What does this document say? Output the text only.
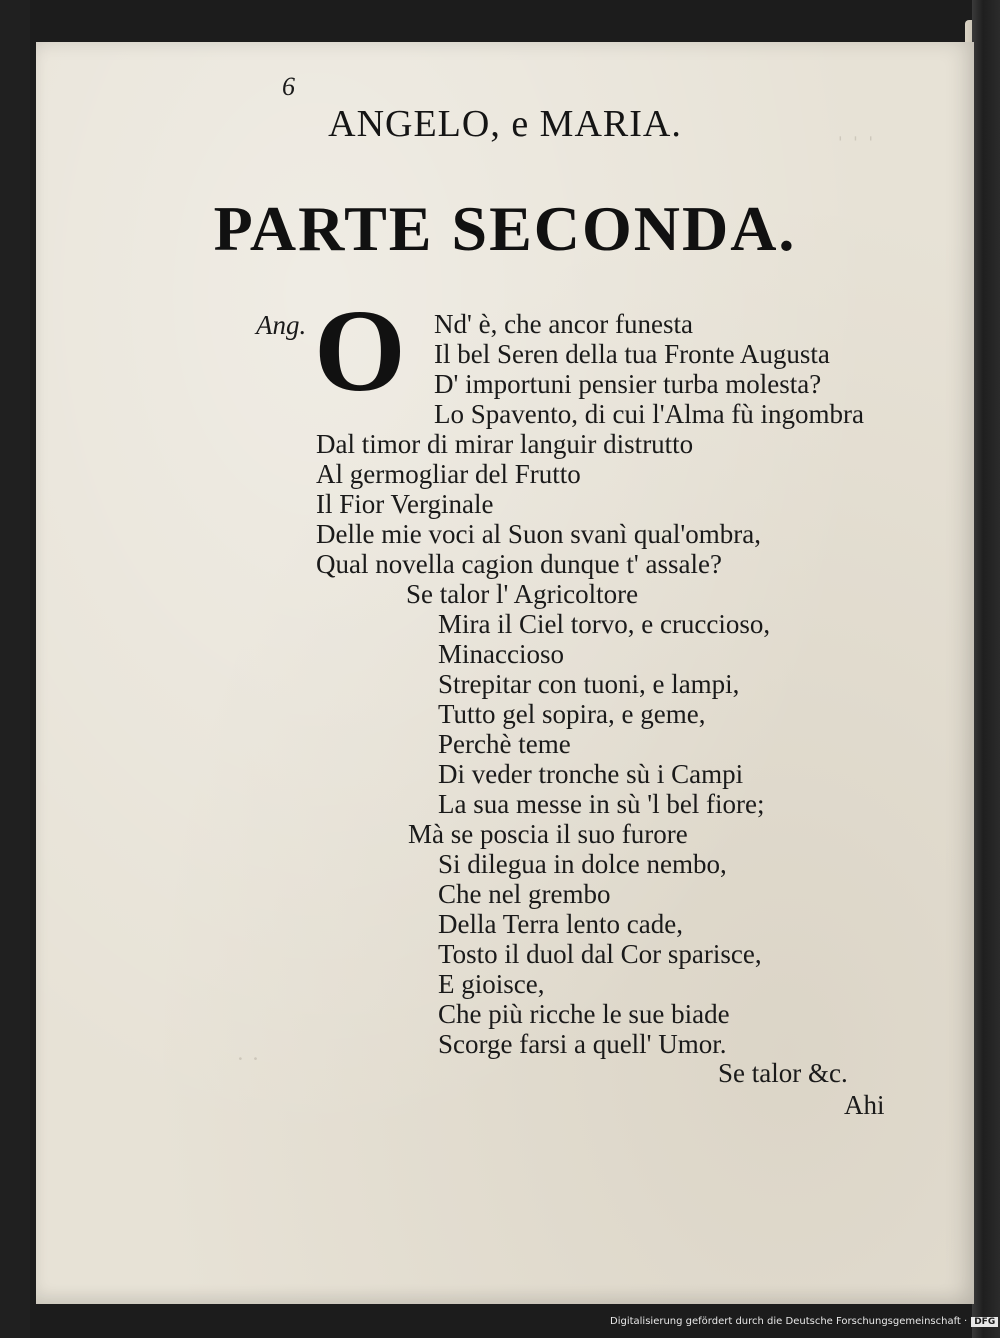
ˌ ˌ ˌ
˙ ˙
6
ANGELO, e MARIA.
PARTE SECONDA.
Ang. O Nd' è, che ancor funesta
Il bel Seren della tua Fronte Augusta
D' importuni pensier turba molesta?
Lo Spavento, di cui l'Alma fù ingombra
Dal timor di mirar languir distrutto
Al germogliar del Frutto
Il Fior Verginale
Delle mie voci al Suon svanì qual'ombra,
Qual novella cagion dunque t' assale?
Se talor l' Agricoltore
Mira il Ciel torvo, e cruccioso,
Minaccioso
Strepitar con tuoni, e lampi,
Tutto gel sopira, e geme,
Perchè teme
Di veder tronche sù i Campi
La sua messe in sù 'l bel fiore;
Mà se poscia il suo furore
Si dilegua in dolce nembo,
Che nel grembo
Della Terra lento cade,
Tosto il duol dal Cor sparisce,
E gioisce,
Che più ricche le sue biade
Scorge farsi a quell' Umor.
Se talor &c.
Ahi
Digitalisierung gefördert durch die Deutsche Forschungsgemeinschaft · DFG
